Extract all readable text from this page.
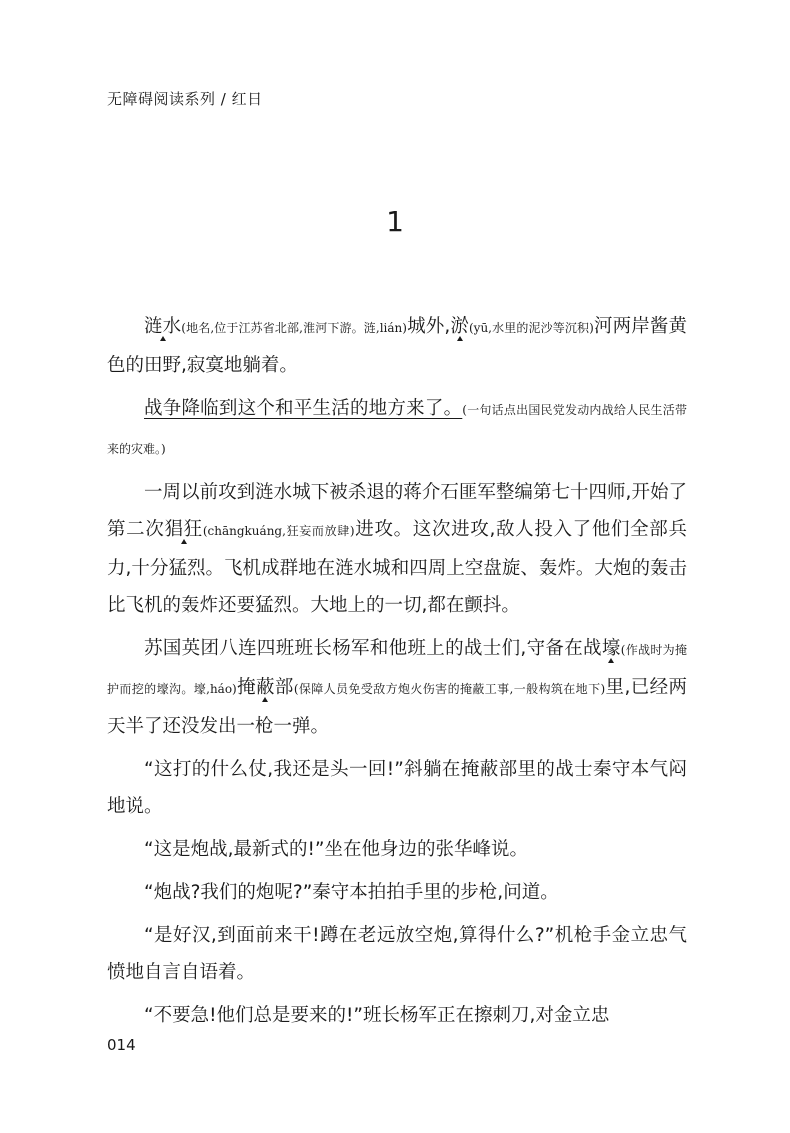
无障碍阅读系列 / 红日
1

涟水(地名,位于江苏省北部,淮河下游。涟,lián)城外,淤(yū,水里的泥沙等沉积)河两岸酱黄色的田野,寂寞地躺着。

战争降临到这个和平生活的地方来了。(一句话点出国民党发动内战给人民生活带来的灾难。)

一周以前攻到涟水城下被杀退的蒋介石匪军整编第七十四师,开始了第二次猖狂(chāngkuáng,狂妄而放肆)进攻。这次进攻,敌人投入了他们全部兵力,十分猛烈。飞机成群地在涟水城和四周上空盘旋、轰炸。大炮的轰击比飞机的轰炸还要猛烈。大地上的一切,都在颤抖。

苏国英团八连四班班长杨军和他班上的战士们,守备在战壕(作战时为掩护而挖的壕沟。壕,háo)掩蔽部(保障人员免受敌方炮火伤害的掩蔽工事,一般构筑在地下)里,已经两天半了还没发出一枪一弹。

“这打的什么仗,我还是头一回!”斜躺在掩蔽部里的战士秦守本气闷地说。

“这是炮战,最新式的!”坐在他身边的张华峰说。

“炮战?我们的炮呢?”秦守本拍拍手里的步枪,问道。

“是好汉,到面前来干!蹲在老远放空炮,算得什么?”机枪手金立忠气愤地自言自语着。

“不要急!他们总是要来的!”班长杨军正在擦刺刀,对金立忠

014
